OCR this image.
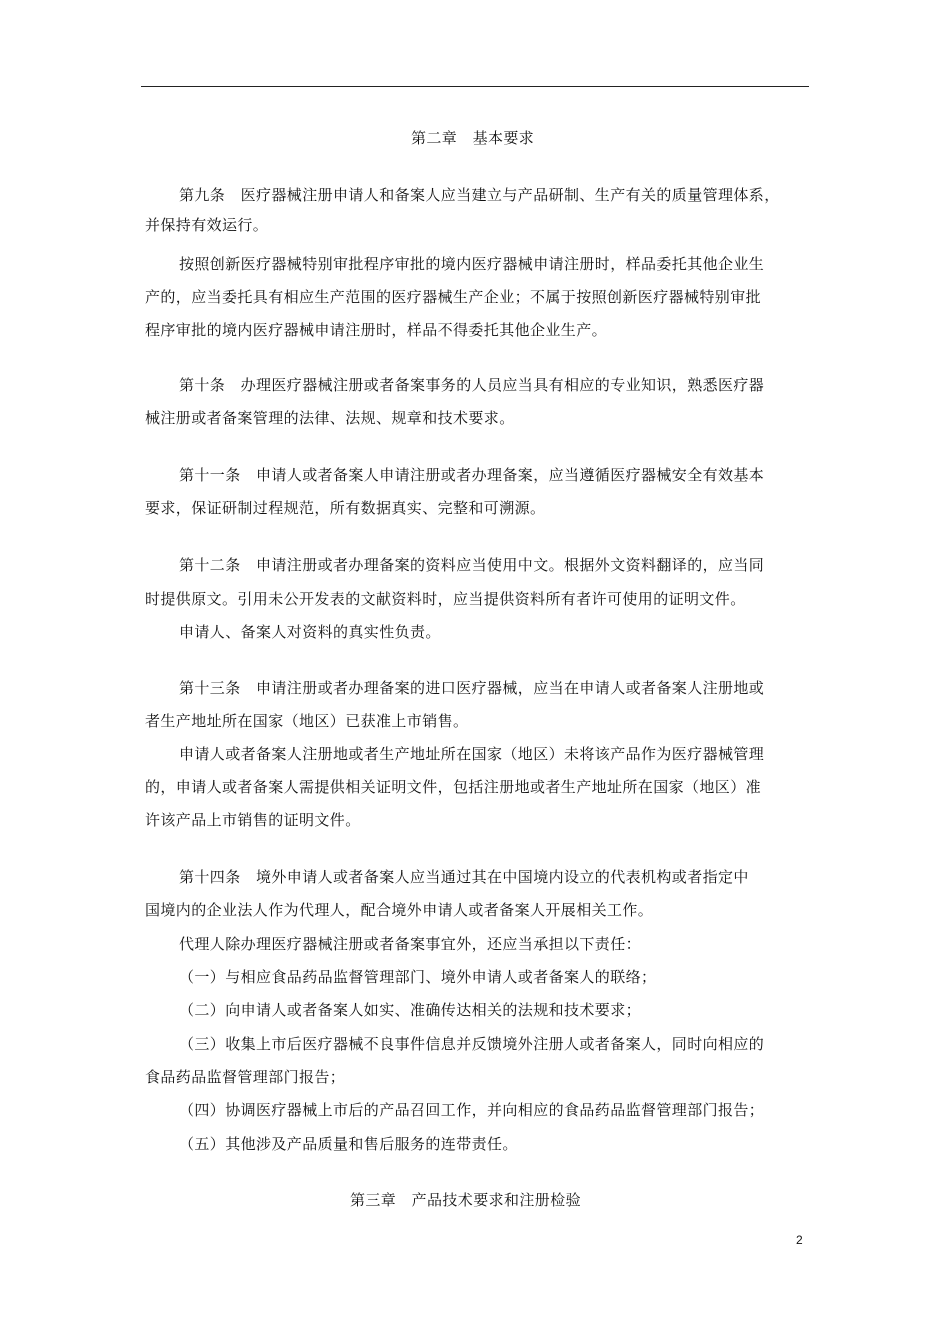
第二章　基本要求
第九条　医疗器械注册申请人和备案人应当建立与产品研制、生产有关的质量管理体系，
并保持有效运行。
按照创新医疗器械特别审批程序审批的境内医疗器械申请注册时，样品委托其他企业生
产的，应当委托具有相应生产范围的医疗器械生产企业；不属于按照创新医疗器械特别审批
程序审批的境内医疗器械申请注册时，样品不得委托其他企业生产。
第十条　办理医疗器械注册或者备案事务的人员应当具有相应的专业知识，熟悉医疗器
械注册或者备案管理的法律、法规、规章和技术要求。
第十一条　申请人或者备案人申请注册或者办理备案，应当遵循医疗器械安全有效基本
要求，保证研制过程规范，所有数据真实、完整和可溯源。
第十二条　申请注册或者办理备案的资料应当使用中文。根据外文资料翻译的，应当同
时提供原文。引用未公开发表的文献资料时，应当提供资料所有者许可使用的证明文件。
申请人、备案人对资料的真实性负责。
第十三条　申请注册或者办理备案的进口医疗器械，应当在申请人或者备案人注册地或
者生产地址所在国家（地区）已获准上市销售。
申请人或者备案人注册地或者生产地址所在国家（地区）未将该产品作为医疗器械管理
的，申请人或者备案人需提供相关证明文件，包括注册地或者生产地址所在国家（地区）准
许该产品上市销售的证明文件。
第十四条　境外申请人或者备案人应当通过其在中国境内设立的代表机构或者指定中
国境内的企业法人作为代理人，配合境外申请人或者备案人开展相关工作。
代理人除办理医疗器械注册或者备案事宜外，还应当承担以下责任：
（一）与相应食品药品监督管理部门、境外申请人或者备案人的联络；
（二）向申请人或者备案人如实、准确传达相关的法规和技术要求；
（三）收集上市后医疗器械不良事件信息并反馈境外注册人或者备案人，同时向相应的
食品药品监督管理部门报告；
（四）协调医疗器械上市后的产品召回工作，并向相应的食品药品监督管理部门报告；
（五）其他涉及产品质量和售后服务的连带责任。
第三章　产品技术要求和注册检验
2
